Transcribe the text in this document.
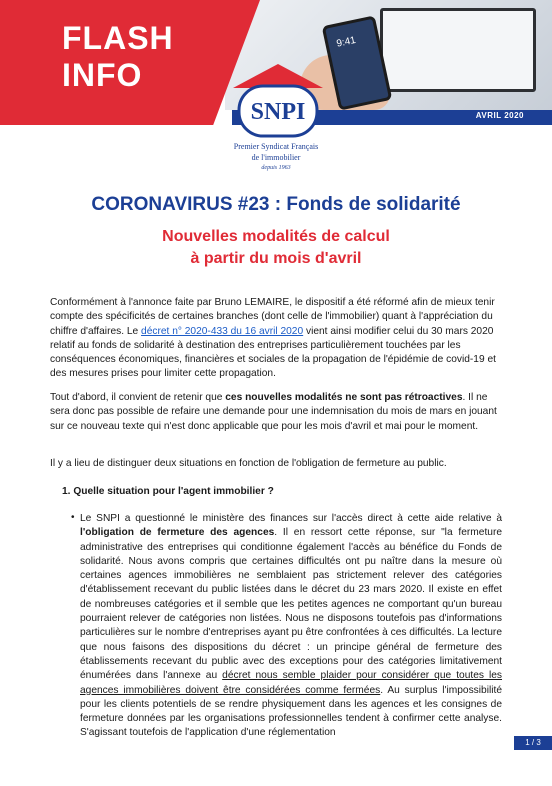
9:41
FLASH
INFO
AVRIL 2020
SNPI
Premier Syndicat Français
de l'immobilier
depuis 1963
CORONAVIRUS #23 : Fonds de solidarité
Nouvelles modalités de calcul
à partir du mois d'avril

Conformément à l'annonce faite par Bruno LEMAIRE, le dispositif a été réformé afin de mieux tenir compte des spécificités de certaines branches (dont celle de l'immobilier) quant à l'appréciation du chiffre d'affaires. Le décret n° 2020-433 du 16 avril 2020 vient ainsi modifier celui du 30 mars 2020 relatif au fonds de solidarité à destination des entreprises particulièrement touchées par les conséquences économiques, financières et sociales de la propagation de l'épidémie de covid-19 et des mesures prises pour limiter cette propagation.

Tout d'abord, il convient de retenir que ces nouvelles modalités ne sont pas rétroactives. Il ne sera donc pas possible de refaire une demande pour une indemnisation du mois de mars en jouant sur ce nouveau texte qui n'est donc applicable que pour les mois d'avril et mai pour le moment.

Il y a lieu de distinguer deux situations en fonction de l'obligation de fermeture au public.

1. Quelle situation pour l'agent immobilier ?
• Le SNPI a questionné le ministère des finances sur l'accès direct à cette aide relative à l'obligation de fermeture des agences. Il en ressort cette réponse, sur "la fermeture administrative des entreprises qui conditionne également l'accès au bénéfice du Fonds de solidarité. Nous avons compris que certaines difficultés ont pu naître dans la mesure où certaines agences immobilières ne semblaient pas strictement relever des catégories d'établissement recevant du public listées dans le décret du 23 mars 2020. Il existe en effet de nombreuses catégories et il semble que les petites agences ne comportant qu'un bureau pourraient relever de catégories non listées. Nous ne disposons toutefois pas d'informations particulières sur le nombre d'entreprises ayant pu être confrontées à ces difficultés. La lecture que nous faisons des dispositions du décret : un principe général de fermeture des établissements recevant du public avec des exceptions pour des catégories limitativement énumérées dans l'annexe au décret nous semble plaider pour considérer que toutes les agences immobilières doivent être considérées comme fermées. Au surplus l'impossibilité pour les clients potentiels de se rendre physiquement dans les agences et les consignes de fermeture données par les organisations professionnelles tendent à confirmer cette analyse. S'agissant toutefois de l'application d'une réglementation
1 / 3
